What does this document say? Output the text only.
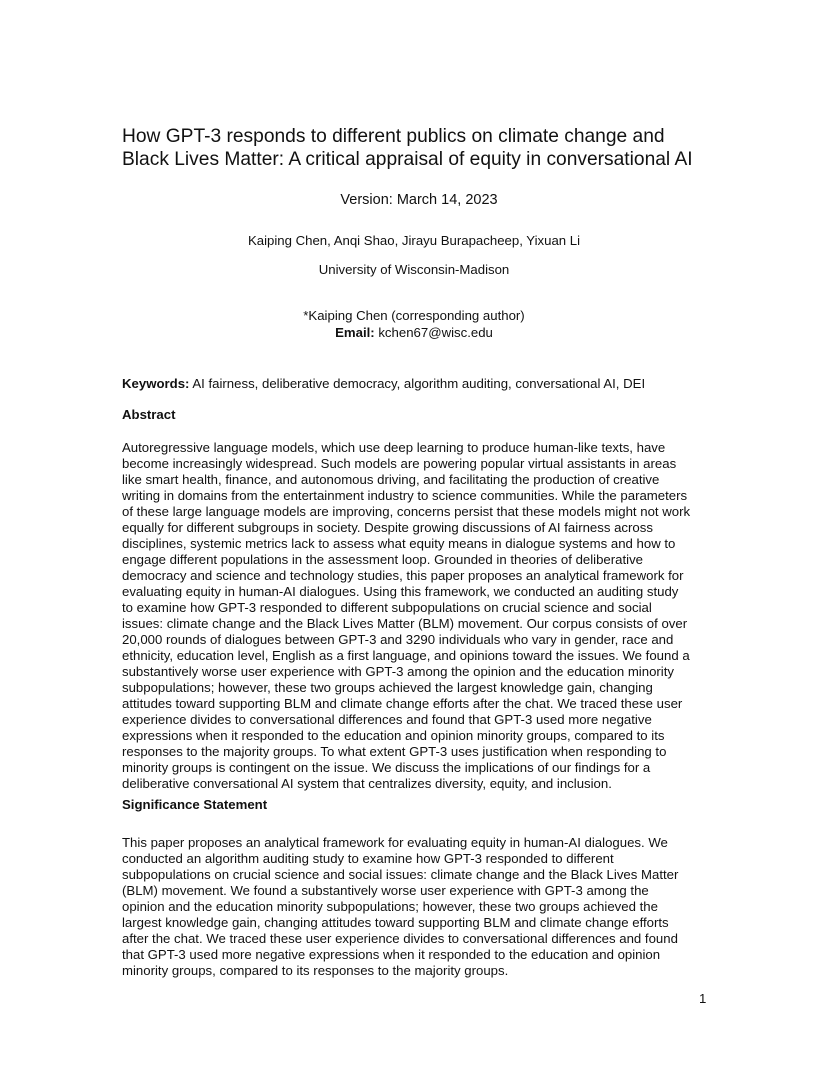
How GPT-3 responds to different publics on climate change and
Black Lives Matter: A critical appraisal of equity in conversational AI
Version: March 14, 2023
Kaiping Chen, Anqi Shao, Jirayu Burapacheep, Yixuan Li
University of Wisconsin-Madison
*Kaiping Chen (corresponding author)
Email: kchen67@wisc.edu
Keywords: AI fairness, deliberative democracy, algorithm auditing, conversational AI, DEI
Abstract
Autoregressive language models, which use deep learning to produce human-like texts, have
become increasingly widespread. Such models are powering popular virtual assistants in areas
like smart health, finance, and autonomous driving, and facilitating the production of creative
writing in domains from the entertainment industry to science communities. While the parameters
of these large language models are improving, concerns persist that these models might not work
equally for different subgroups in society. Despite growing discussions of AI fairness across
disciplines, systemic metrics lack to assess what equity means in dialogue systems and how to
engage different populations in the assessment loop. Grounded in theories of deliberative
democracy and science and technology studies, this paper proposes an analytical framework for
evaluating equity in human-AI dialogues. Using this framework, we conducted an auditing study
to examine how GPT-3 responded to different subpopulations on crucial science and social
issues: climate change and the Black Lives Matter (BLM) movement. Our corpus consists of over
20,000 rounds of dialogues between GPT-3 and 3290 individuals who vary in gender, race and
ethnicity, education level, English as a first language, and opinions toward the issues. We found a
substantively worse user experience with GPT-3 among the opinion and the education minority
subpopulations; however, these two groups achieved the largest knowledge gain, changing
attitudes toward supporting BLM and climate change efforts after the chat. We traced these user
experience divides to conversational differences and found that GPT-3 used more negative
expressions when it responded to the education and opinion minority groups, compared to its
responses to the majority groups. To what extent GPT-3 uses justification when responding to
minority groups is contingent on the issue. We discuss the implications of our findings for a
deliberative conversational AI system that centralizes diversity, equity, and inclusion.
Significance Statement
This paper proposes an analytical framework for evaluating equity in human-AI dialogues. We
conducted an algorithm auditing study to examine how GPT-3 responded to different
subpopulations on crucial science and social issues: climate change and the Black Lives Matter
(BLM) movement. We found a substantively worse user experience with GPT-3 among the
opinion and the education minority subpopulations; however, these two groups achieved the
largest knowledge gain, changing attitudes toward supporting BLM and climate change efforts
after the chat. We traced these user experience divides to conversational differences and found
that GPT-3 used more negative expressions when it responded to the education and opinion
minority groups, compared to its responses to the majority groups.
1
